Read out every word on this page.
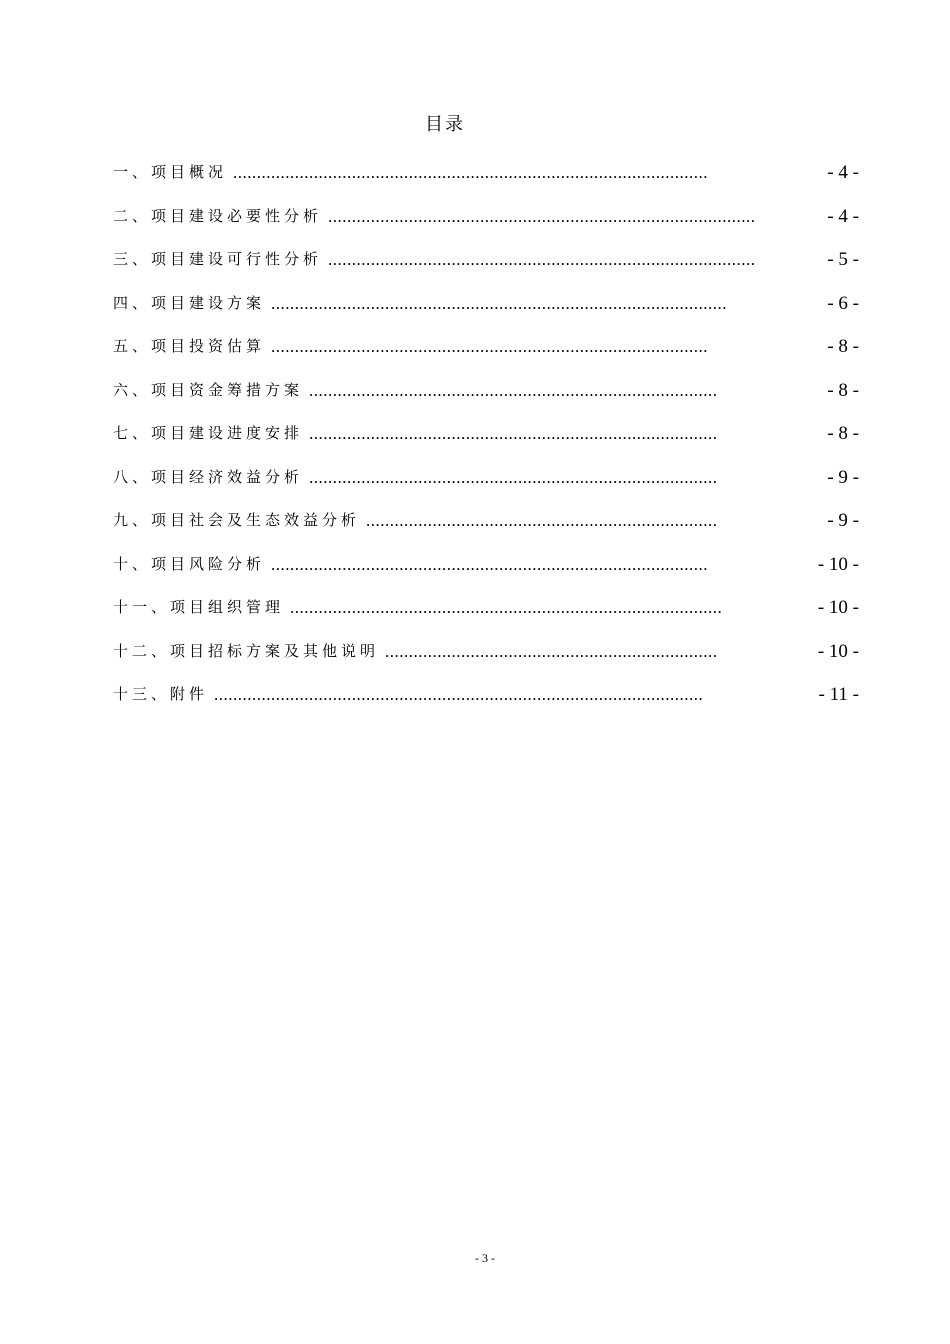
目录
一、项目概况 ....................................................................................................	- 4 -
二、项目建设必要性分析 ..........................................................................................	- 4 -
三、项目建设可行性分析 ..........................................................................................	- 5 -
四、项目建设方案 ................................................................................................	- 6 -
五、项目投资估算 ............................................................................................	- 8 -
六、项目资金筹措方案 ......................................................................................	- 8 -
七、项目建设进度安排 ......................................................................................	- 8 -
八、项目经济效益分析 ......................................................................................	- 9 -
九、项目社会及生态效益分析 ..........................................................................	- 9 -
十、项目风险分析 ............................................................................................	- 10 -
十一、项目组织管理 ...........................................................................................	- 10 -
十二、项目招标方案及其他说明 ......................................................................	- 10 -
十三、附件 .......................................................................................................	- 11 -
- 3 -
